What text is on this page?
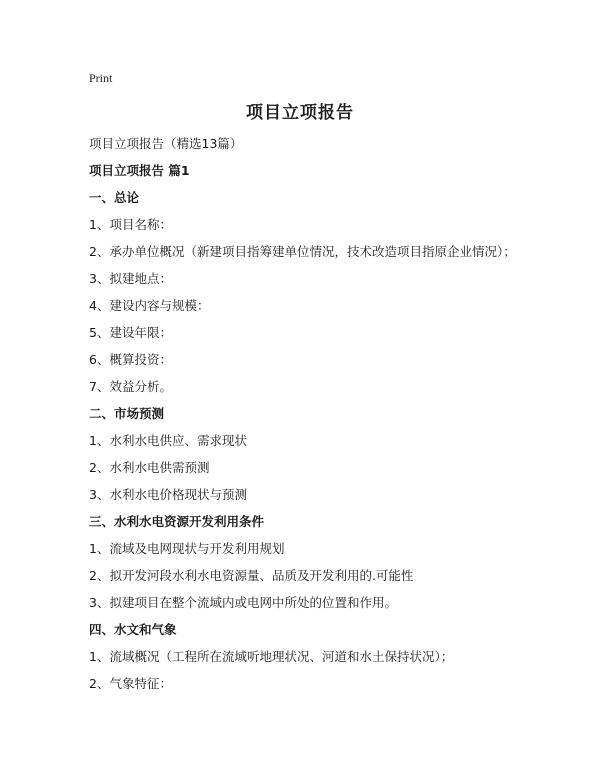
Print
项目立项报告
项目立项报告（精选13篇）
项目立项报告 篇1
一、总论
1、项目名称：
2、承办单位概况（新建项目指筹建单位情况，技术改造项目指原企业情况）；
3、拟建地点：
4、建设内容与规模：
5、建设年限：
6、概算投资：
7、效益分析。
二、市场预测
1、水利水电供应、需求现状
2、水利水电供需预测
3、水利水电价格现状与预测
三、水利水电资源开发利用条件
1、流域及电网现状与开发利用规划
2、拟开发河段水利水电资源量、品质及开发利用的.可能性
3、拟建项目在整个流域内或电网中所处的位置和作用。
四、水文和气象
1、流域概况（工程所在流域听地理状况、河道和水土保持状况）；
2、气象特征：
